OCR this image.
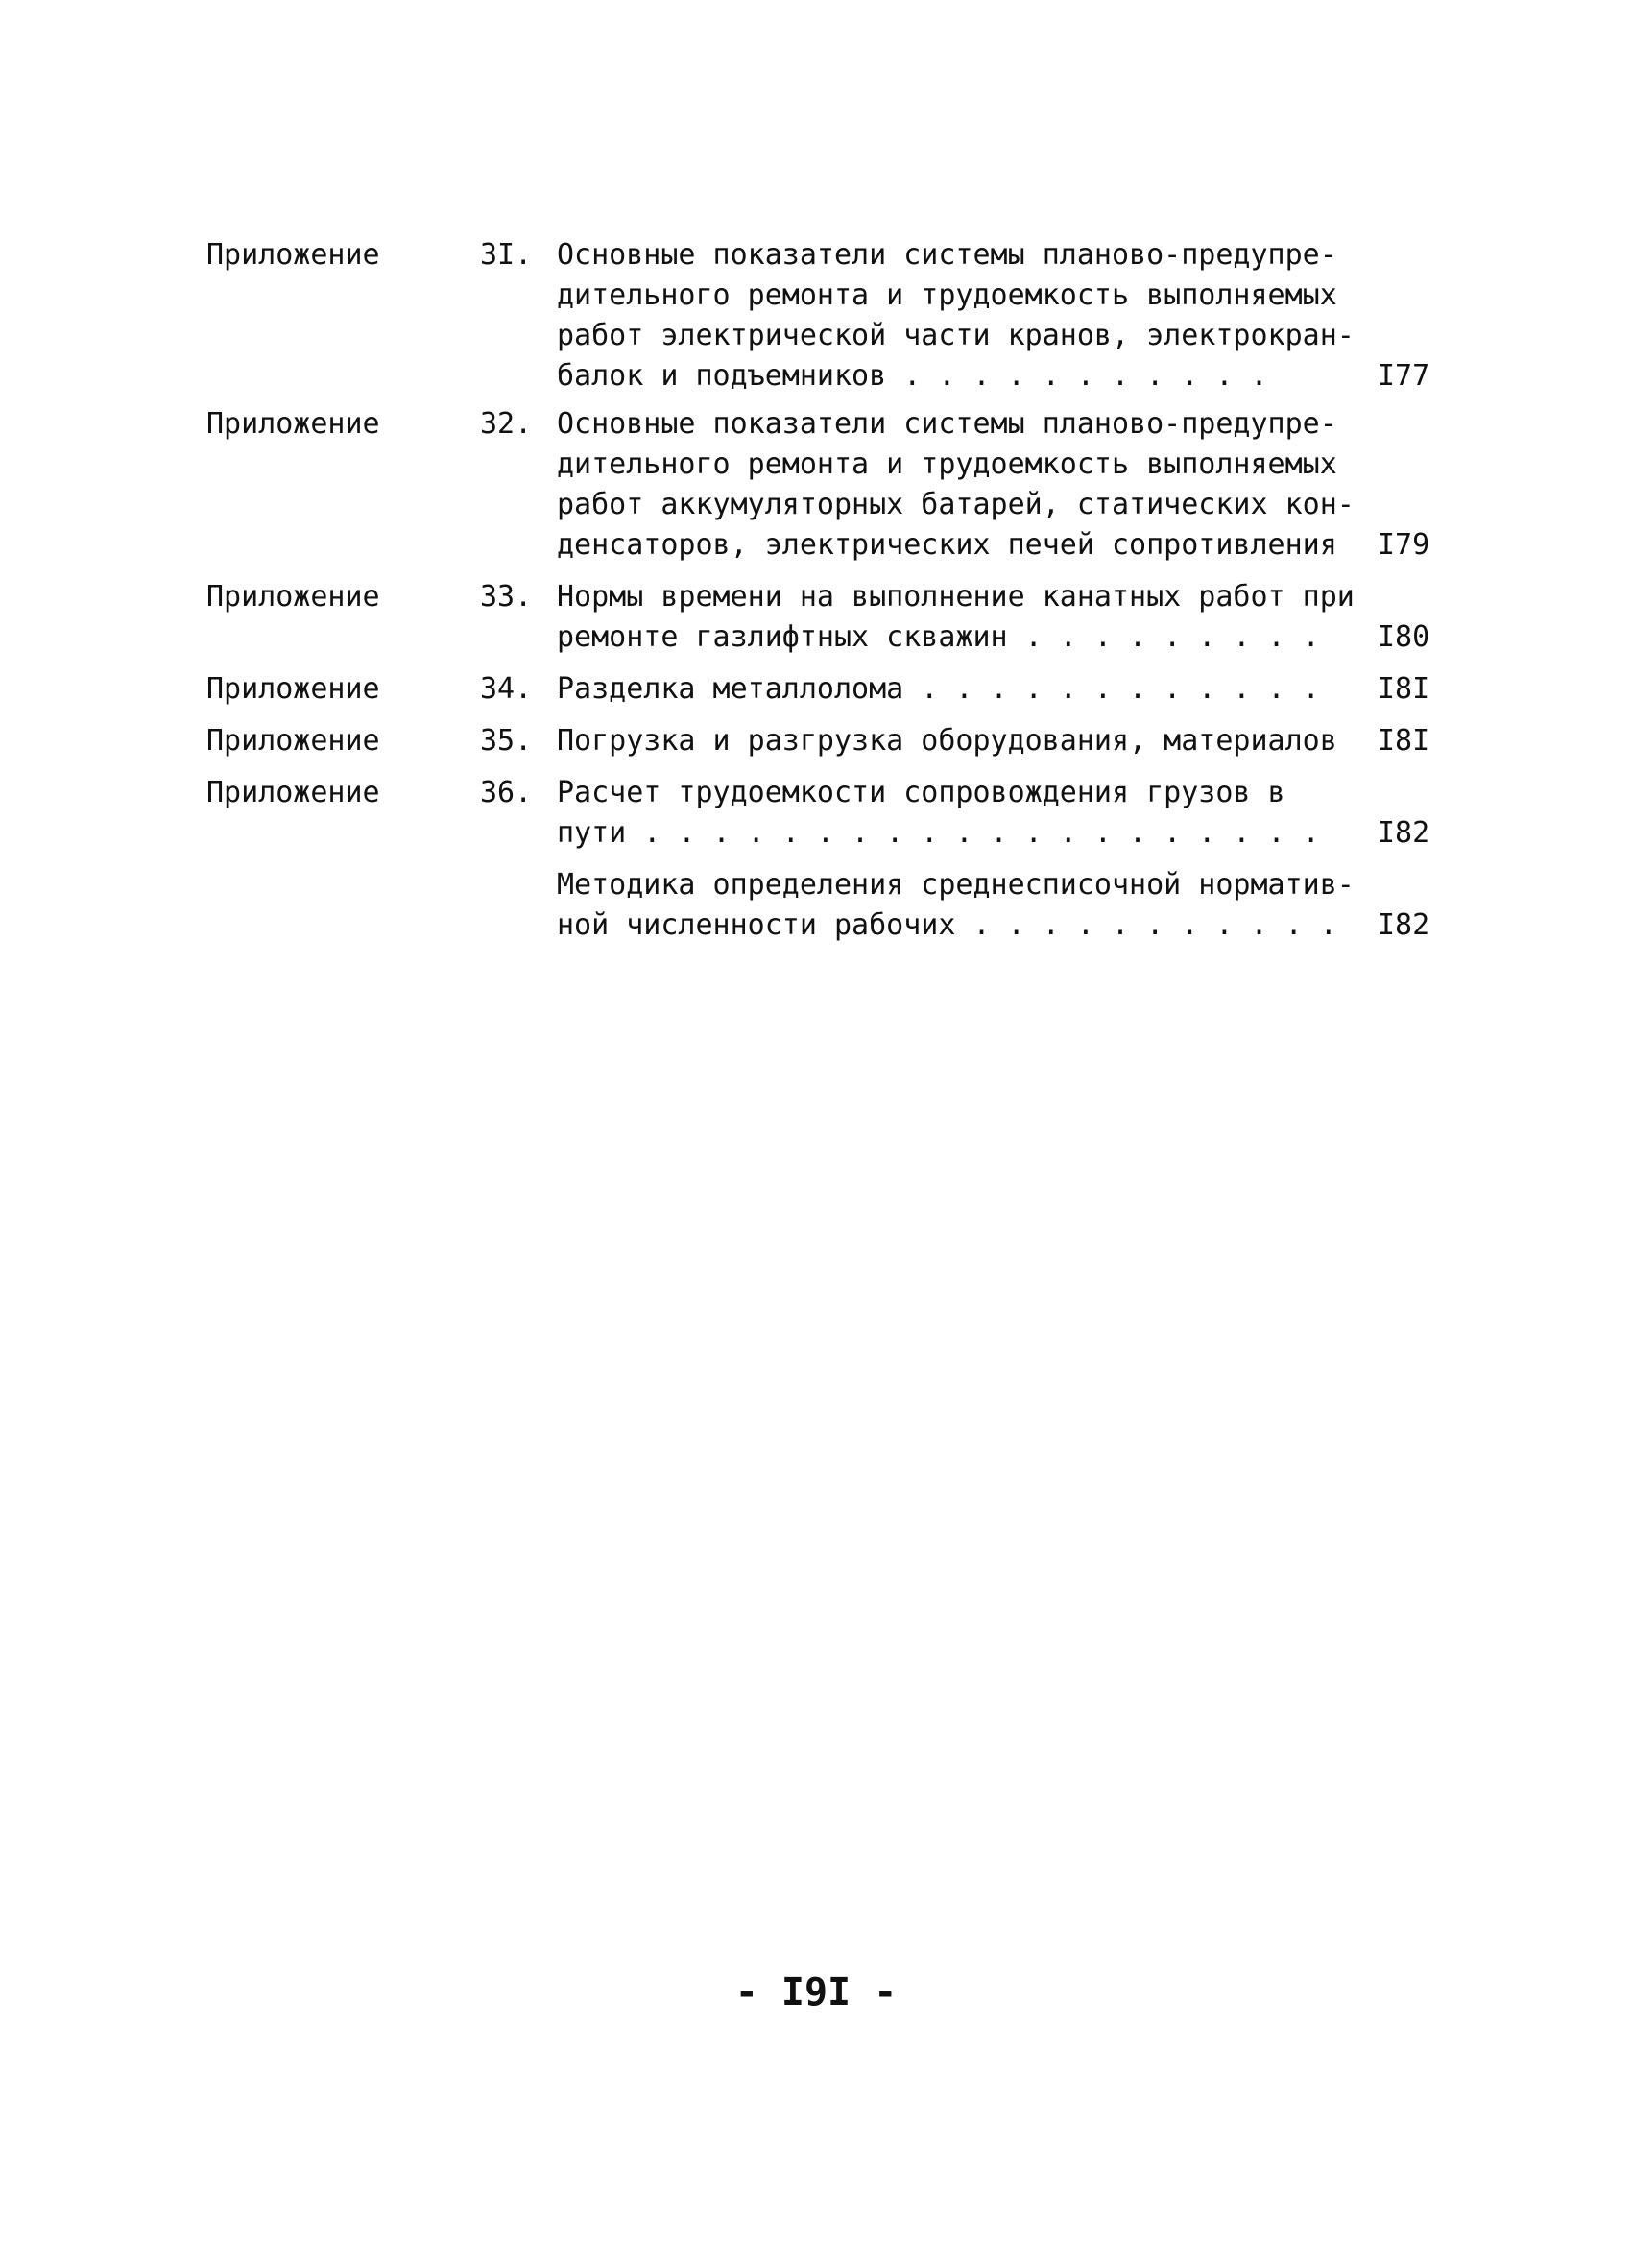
Приложение	3I. Основные показатели системы планово-предупре-
дительного ремонта и трудоемкость выполняемых
работ электрической части кранов, электрокран-
балок и подъемников . . . . . . . . . . .	I77
Приложение	32. Основные показатели системы планово-предупре-
дительного ремонта и трудоемкость выполняемых
работ аккумуляторных батарей, статических кон-
денсаторов, электрических печей сопротивления	I79
Приложение	33. Нормы времени на выполнение канатных работ при
ремонте газлифтных скважин . . . . . . . . .	I80
Приложение	34. Разделка металлолома . . . . . . . . . . . .	I8I
Приложение	35. Погрузка и разгрузка оборудования, материалов	I8I
Приложение	36. Расчет трудоемкости сопровождения грузов в
пути . . . . . . . . . . . . . . . . . . . .	I82
Методика определения среднесписочной норматив-
ной численности рабочих . . . . . . . . . . .	I82
- I9I -
